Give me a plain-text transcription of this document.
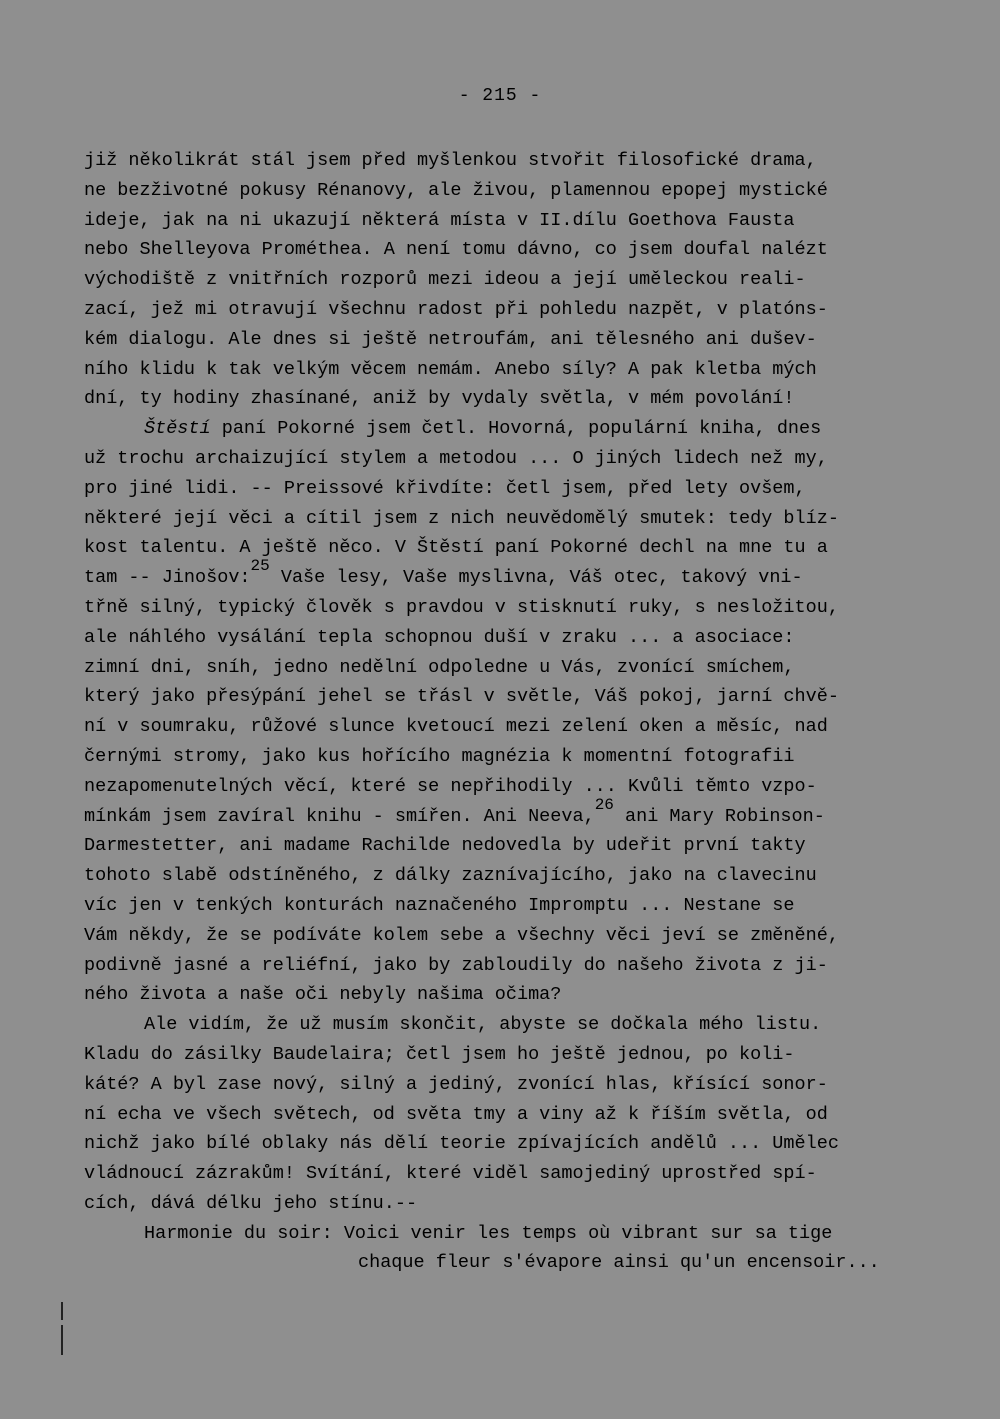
- 215 -
již několikrát stál jsem před myšlenkou stvořit filosofické drama,
ne bezživotné pokusy Rénanovy, ale živou, plamennou epopej mystické
ideje, jak na ni ukazují některá místa v II.dílu Goethova Fausta
nebo Shelleyova Prométhea. A není tomu dávno, co jsem doufal nalézt
východiště z vnitřních rozporů mezi ideou a její uměleckou reali-
zací, jež mi otravují všechnu radost při pohledu nazpět, v platóns-
kém dialogu. Ale dnes si ještě netroufám, ani tělesného ani dušev-
ního klidu k tak velkým věcem nemám. Anebo síly? A pak kletba mých
dní, ty hodiny zhasínané, aniž by vydaly světla, v mém povolání!
Štěstí paní Pokorné jsem četl. Hovorná, populární kniha, dnes
už trochu archaizující stylem a metodou ... O jiných lidech než my,
pro jiné lidi. -- Preissové křivdíte: četl jsem, před lety ovšem,
některé její věci a cítil jsem z nich neuvědomělý smutek: tedy blíz-
kost talentu. A ještě něco. V Štěstí paní Pokorné dechl na mne tu a
tam -- Jinošov:$^{25}$ Vaše lesy, Vaše myslivna, Váš otec, takový vni-
třně silný, typický člověk s pravdou v stisknutí ruky, s nesložitou,
ale náhlého vysálání tepla schopnou duší v zraku ... a asociace:
zimní dni, sníh, jedno nedělní odpoledne u Vás, zvonící smíchem,
který jako přesýpání jehel se třásl v světle, Váš pokoj, jarní chvě-
ní v soumraku, růžové slunce kvetoucí mezi zelení oken a měsíc, nad
černými stromy, jako kus hořícího magnézia k momentní fotografii
nezapomenutelných věcí, které se nepřihodily ... Kvůli těmto vzpo-
mínkám jsem zavíral knihu - smířen. Ani Neeva,$^{26}$ ani Mary Robinson-
Darmestetter, ani madame Rachilde nedovedla by udeřit první takty
tohoto slabě odstíněného, z dálky zaznívajícího, jako na clavecinu
víc jen v tenkých konturách naznačeného Impromptu ... Nestane se
Vám někdy, že se podíváte kolem sebe a všechny věci jeví se změněné,
podivně jasné a reliéfní, jako by zabloudily do našeho života z ji-
ného života a naše oči nebyly našima očima?
Ale vidím, že už musím skončit, abyste se dočkala mého listu.
Kladu do zásilky Baudelaira; četl jsem ho ještě jednou, po koli-
káté? A byl zase nový, silný a jediný, zvonící hlas, křísící sonor-
ní echa ve všech světech, od světa tmy a viny až k říším světla, od
nichž jako bílé oblaky nás dělí teorie zpívajících andělů ... Umělec
vládnoucí zázrakům! Svítání, které viděl samojediný uprostřed spí-
cích, dává délku jeho stínu.--
Harmonie du soir: Voici venir les temps où vibrant sur sa tige
chaque fleur s'évapore ainsi qu'un encensoir...
